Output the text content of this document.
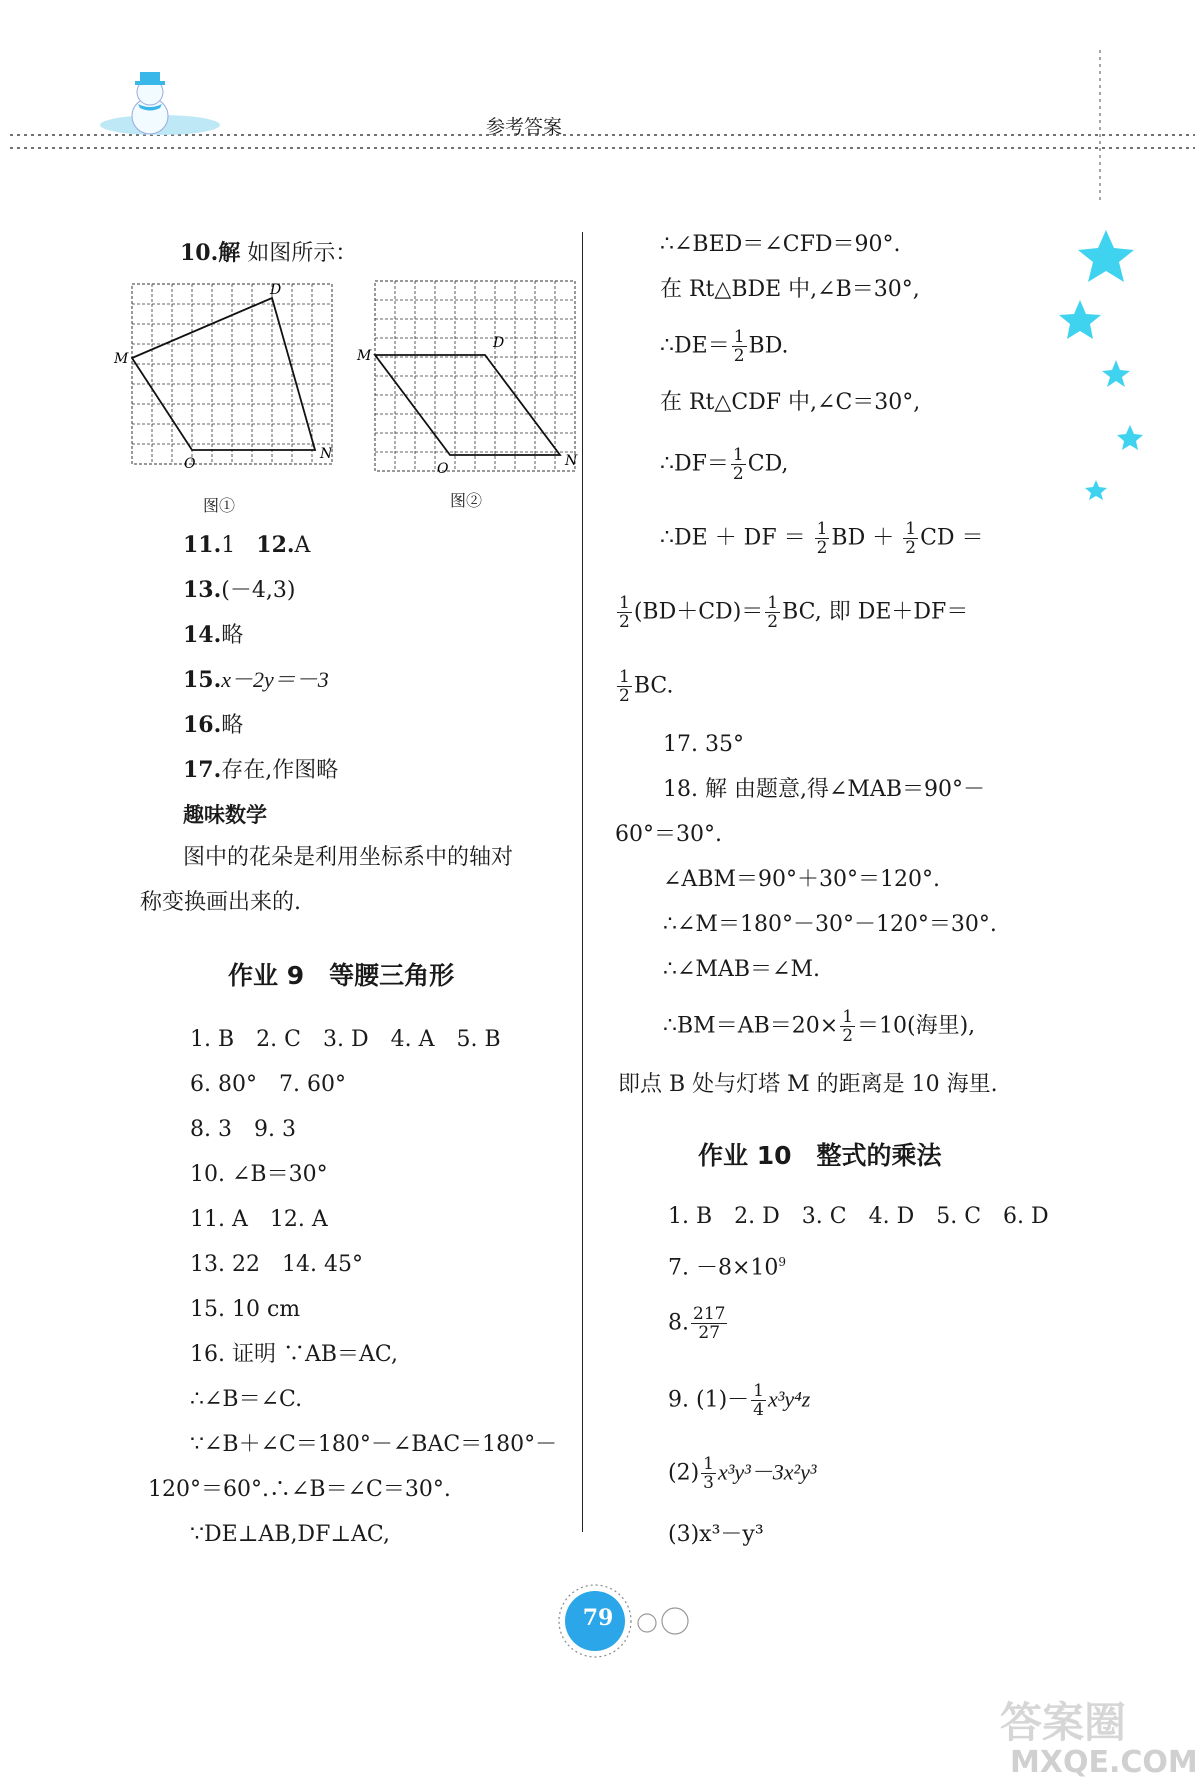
参考答案
10.解 如图所示：
M
D
O
N
图①
M
D
O	N
图②
11.1 12.A
13.(－4,3)
14.略
15.x－2y＝－3
16.略
17.存在,作图略
趣味数学
图中的花朵是利用坐标系中的轴对
称变换画出来的.
作业 9　等腰三角形
1. B　2. C　3. D　4. A　5. B
6. 80°　7. 60°
8. 3　9. 3
10. ∠B＝30°
11. A　12. A
13. 22　14. 45°
15. 10 cm
16. 证明 ∵AB＝AC,
∴∠B＝∠C.
∵∠B＋∠C＝180°－∠BAC＝180°－
120°＝60°.∴∠B＝∠C＝30°.
∵DE⊥AB,DF⊥AC,
∴∠BED＝∠CFD＝90°.
在 Rt△BDE 中,∠B＝30°,
∴DE＝ $\frac{1}{2}$ BD.
在 Rt△CDF 中,∠C＝30°,
∴DF＝ $\frac{1}{2}$ CD,
∴DE ＋ DF ＝ $\frac{1}{2}$ BD ＋ $\frac{1}{2}$ CD ＝
$\frac{1}{2} (BD+CD)= \frac{1}{2}$ BC, 即 DE＋DF＝
$\frac{1}{2}$ BC.
17. 35°
18. 解 由题意,得∠MAB＝90°－
60°＝30°.
∠ABM＝90°＋30°＝120°.
∴∠M＝180°－30°－120°＝30°.
∴∠MAB＝∠M.
∴BM＝AB＝20× $\frac{1}{2} =10$(海里),
即点 B 处与灯塔 M 的距离是 10 海里.
作业 10　整式的乘法
1. B　2. D　3. C　4. D　5. C　6. D
7. $-8\times 10^9$
8. $\frac{217}{27}$
9. $(1)- \frac{1}{4} x^3y^4z$
$(2) \frac{1}{3} x^3y^3-3x^2y^3$
(3)x³－y³
79
答案圈
MXQE.COM
